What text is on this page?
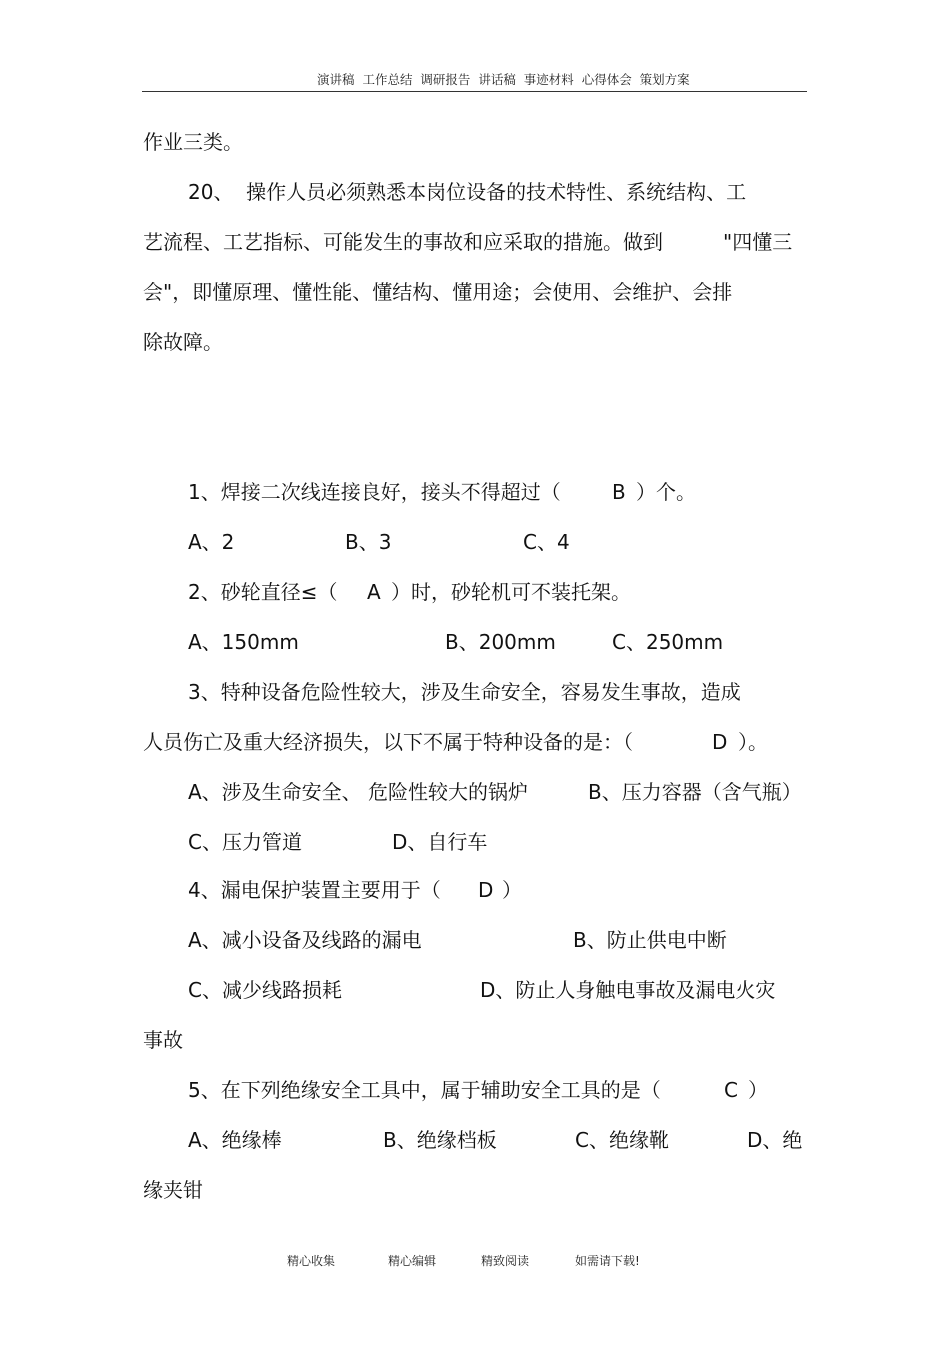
演讲稿  工作总结  调研报告  讲话稿  事迹材料  心得体会  策划方案
作业三类。
20、  操作人员必须熟悉本岗位设备的技术特性、系统结构、工
艺流程、工艺指标、可能发生的事故和应采取的措施。做到	"四懂三
会"，即懂原理、懂性能、懂结构、懂用途；会使用、会维护、会排
除故障。
1、焊接二次线连接良好，接头不得超过（	B ）个。
A、2	B、3	C、4
2、砂轮直径≤（ A ）时，砂轮机可不装托架。
A、150mm	B、200mm	C、250mm
3、特种设备危险性较大，涉及生命安全，容易发生事故，造成
人员伤亡及重大经济损失，以下不属于特种设备的是：（	D ）。
A、涉及生命安全、 危险性较大的锅炉	B、压力容器（含气瓶）
C、压力管道	D、自行车
4、漏电保护装置主要用于（ D ）
A、减小设备及线路的漏电	B、防止供电中断
C、减少线路损耗	D、防止人身触电事故及漏电火灾
事故
5、在下列绝缘安全工具中，属于辅助安全工具的是（	C ）
A、绝缘棒	B、绝缘档板	C、绝缘靴	D、绝
缘夹钳
精心收集	精心编辑	精致阅读	如需请下载!
